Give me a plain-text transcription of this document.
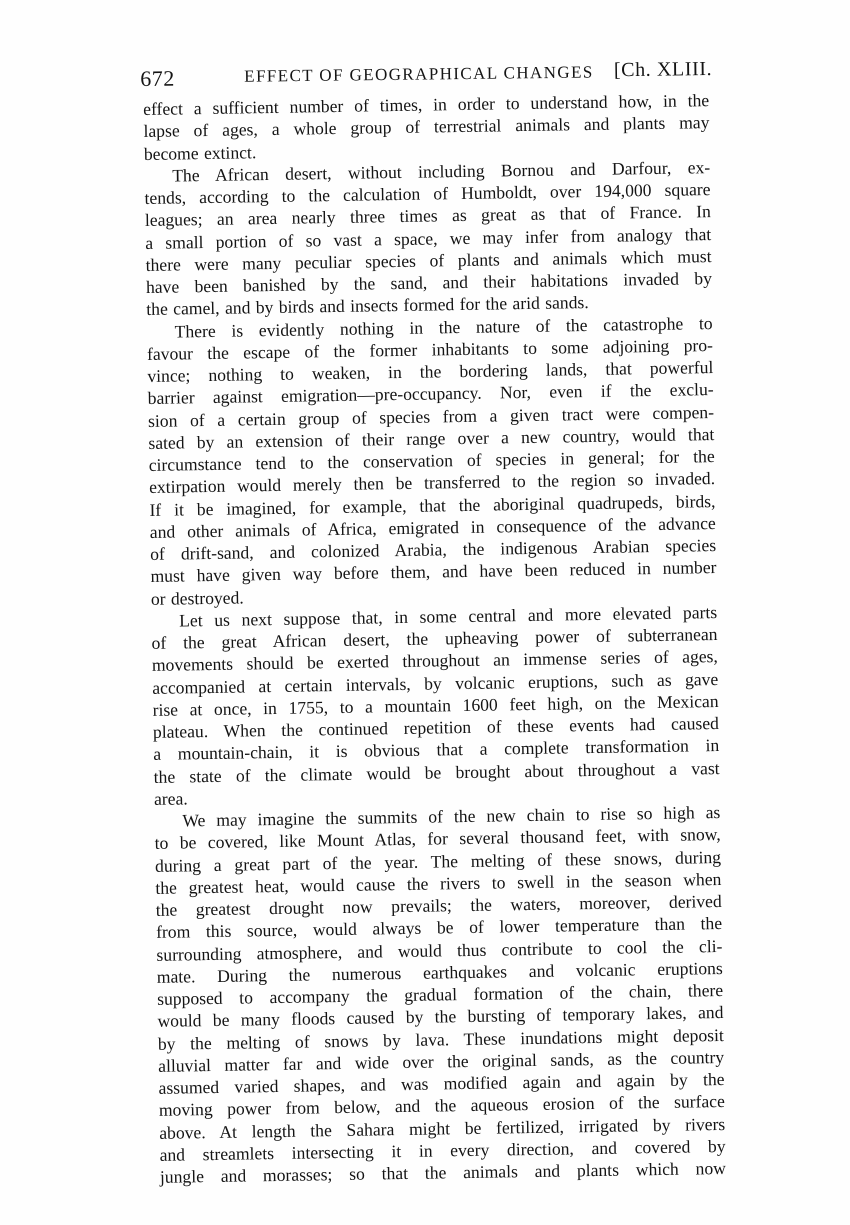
672	EFFECT OF GEOGRAPHICAL CHANGES [Ch. XLIII.
effect a sufficient number of times, in order to understand how, in the
lapse of ages, a whole group of terrestrial animals and plants may
become extinct.
The African desert, without including Bornou and Darfour, ex-
tends, according to the calculation of Humboldt, over 194,000 square
leagues; an area nearly three times as great as that of France. In
a small portion of so vast a space, we may infer from analogy that
there were many peculiar species of plants and animals which must
have been banished by the sand, and their habitations invaded by
the camel, and by birds and insects formed for the arid sands.
There is evidently nothing in the nature of the catastrophe to
favour the escape of the former inhabitants to some adjoining pro-
vince; nothing to weaken, in the bordering lands, that powerful
barrier against emigration—pre-occupancy. Nor, even if the exclu-
sion of a certain group of species from a given tract were compen-
sated by an extension of their range over a new country, would that
circumstance tend to the conservation of species in general; for the
extirpation would merely then be transferred to the region so invaded.
If it be imagined, for example, that the aboriginal quadrupeds, birds,
and other animals of Africa, emigrated in consequence of the advance
of drift-sand, and colonized Arabia, the indigenous Arabian species
must have given way before them, and have been reduced in number
or destroyed.
Let us next suppose that, in some central and more elevated parts
of the great African desert, the upheaving power of subterranean
movements should be exerted throughout an immense series of ages,
accompanied at certain intervals, by volcanic eruptions, such as gave
rise at once, in 1755, to a mountain 1600 feet high, on the Mexican
plateau. When the continued repetition of these events had caused
a mountain-chain, it is obvious that a complete transformation in
the state of the climate would be brought about throughout a vast
area.
We may imagine the summits of the new chain to rise so high as
to be covered, like Mount Atlas, for several thousand feet, with snow,
during a great part of the year. The melting of these snows, during
the greatest heat, would cause the rivers to swell in the season when
the greatest drought now prevails; the waters, moreover, derived
from this source, would always be of lower temperature than the
surrounding atmosphere, and would thus contribute to cool the cli-
mate. During the numerous earthquakes and volcanic eruptions
supposed to accompany the gradual formation of the chain, there
would be many floods caused by the bursting of temporary lakes, and
by the melting of snows by lava. These inundations might deposit
alluvial matter far and wide over the original sands, as the country
assumed varied shapes, and was modified again and again by the
moving power from below, and the aqueous erosion of the surface
above. At length the Sahara might be fertilized, irrigated by rivers
and streamlets intersecting it in every direction, and covered by
jungle and morasses; so that the animals and plants which now
